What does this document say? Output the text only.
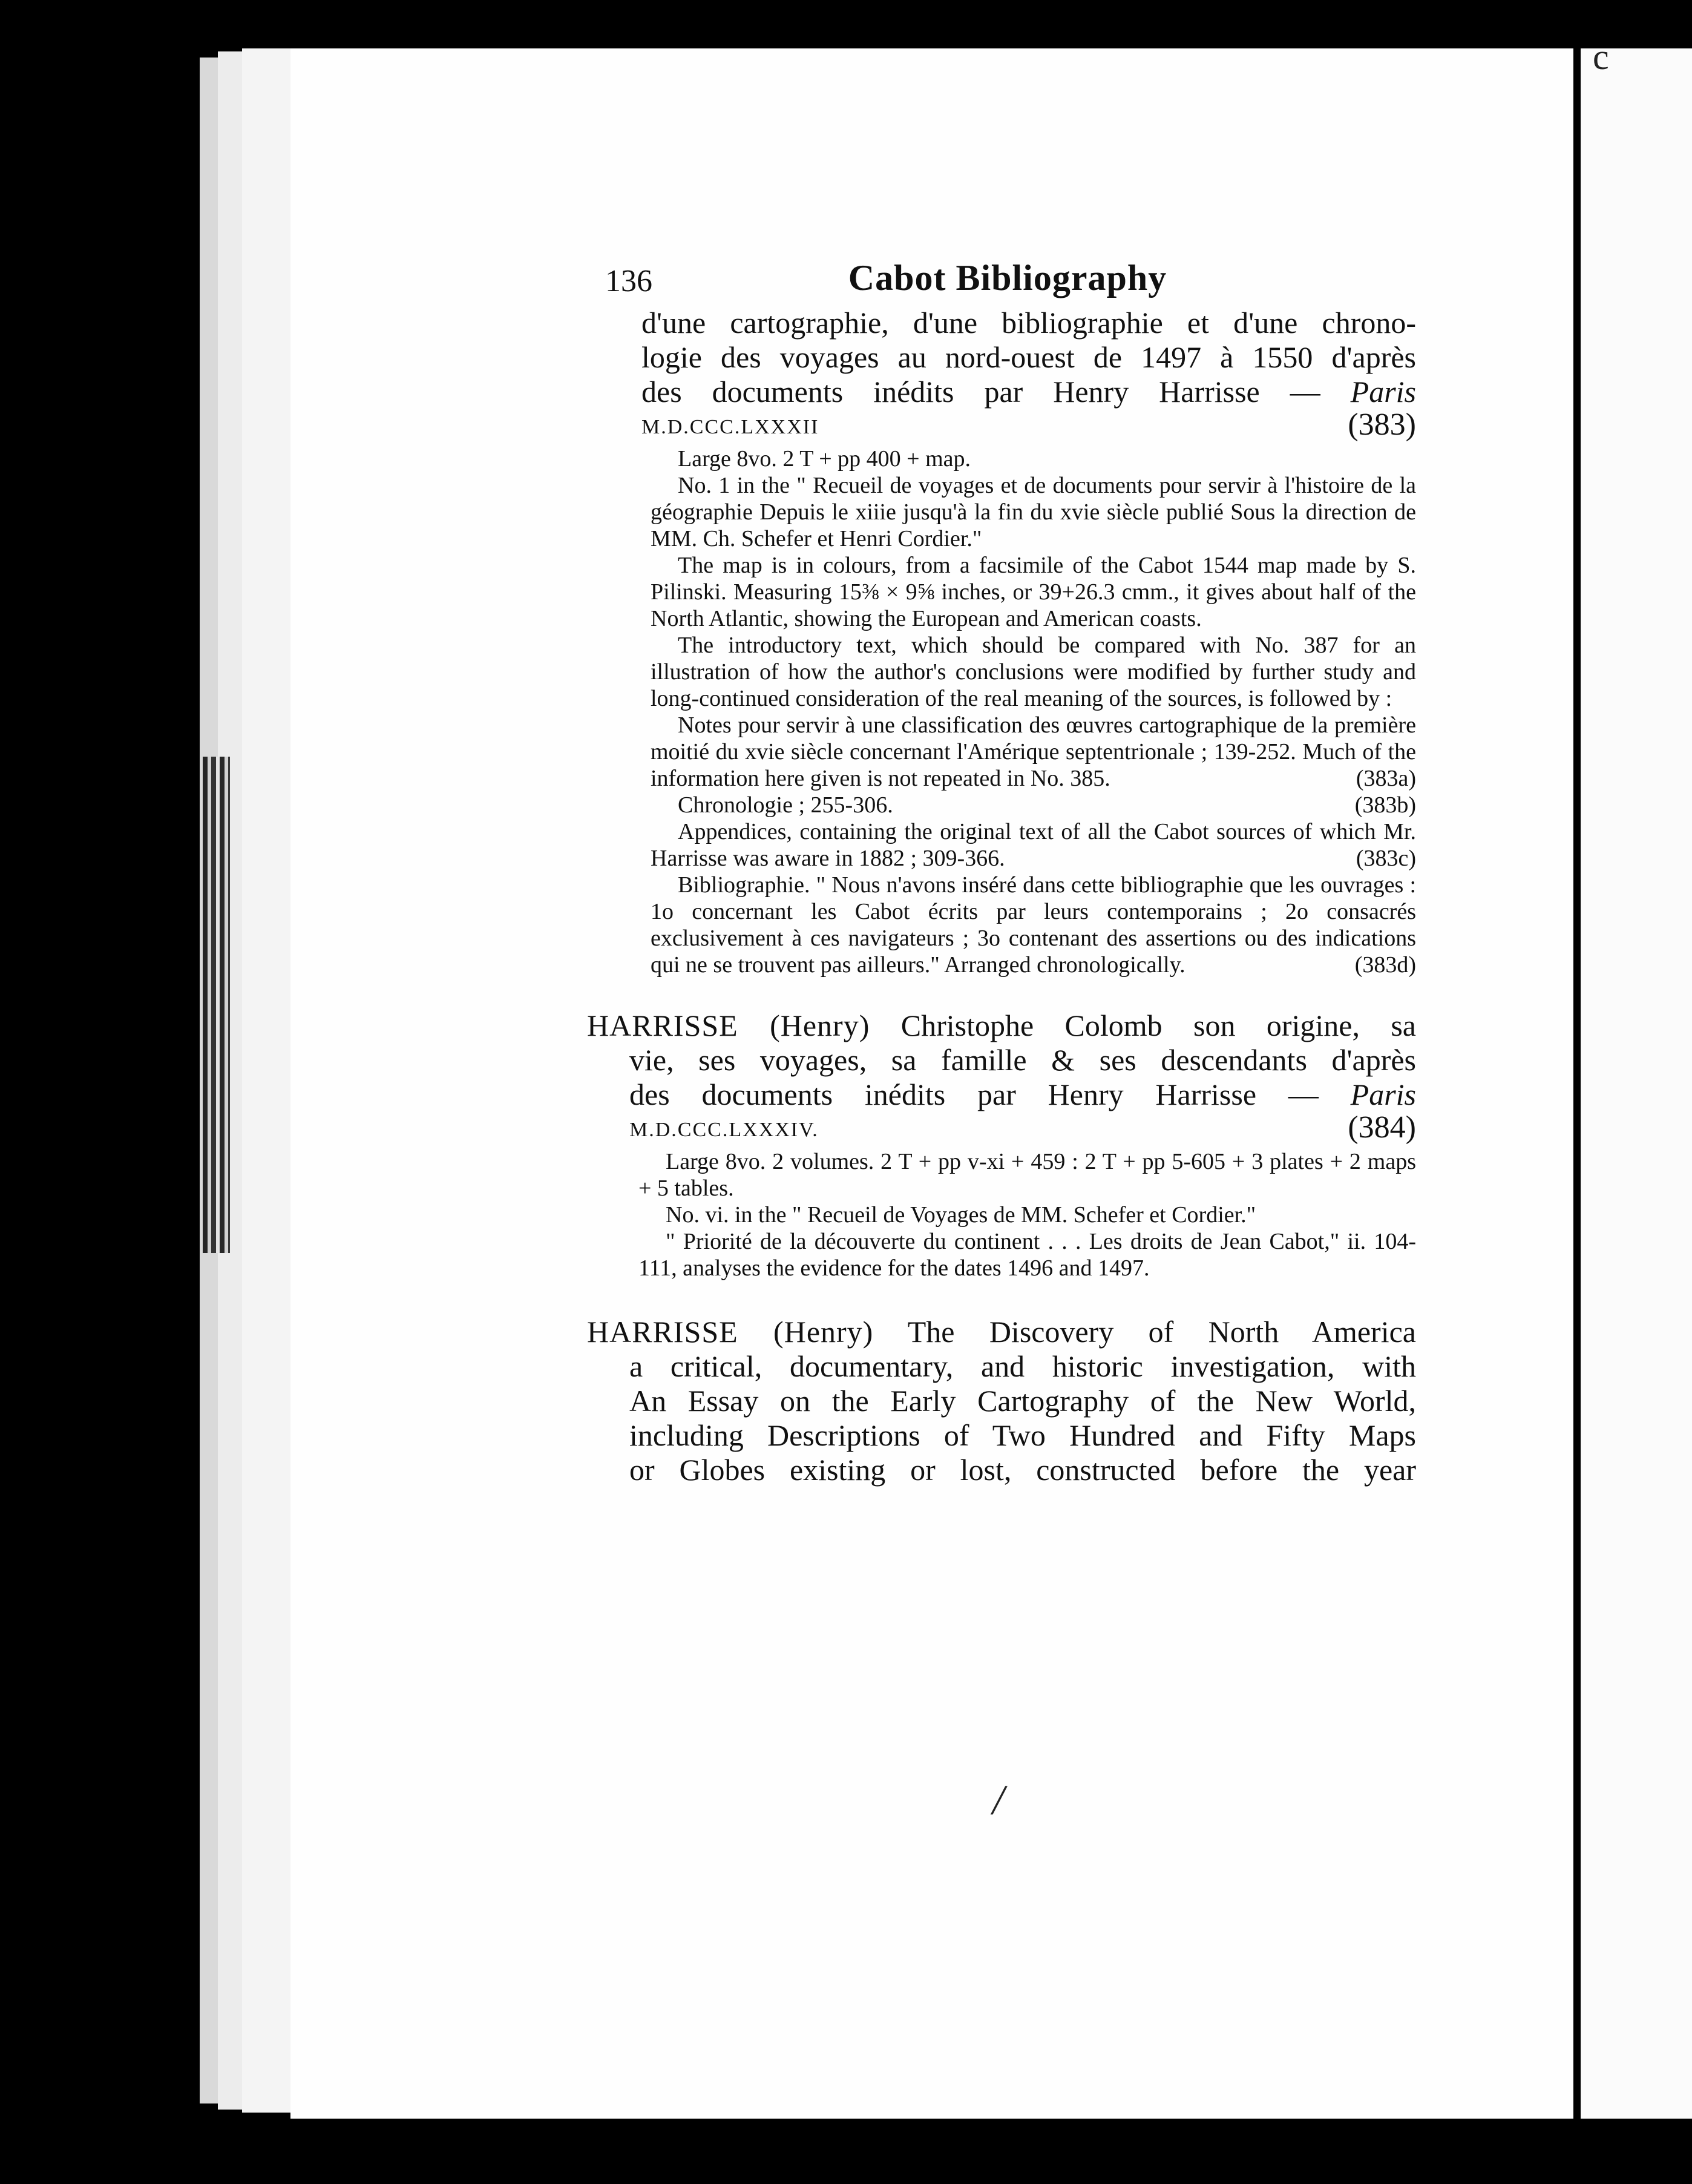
c
136	Cabot Bibliography
d'une cartographie, d'une bibliographie et d'une chrono-
logie des voyages au nord-ouest de 1497 à 1550 d'après
des documents inédits par Henry Harrisse — Paris
M.D.CCC.LXXXII	(383)

Large 8vo. 2 T + pp 400 + map.

No. 1 in the " Recueil de voyages et de documents pour servir à l'histoire de la géographie Depuis le xiiie jusqu'à la fin du xvie siècle publié Sous la direction de MM. Ch. Schefer et Henri Cordier."

The map is in colours, from a facsimile of the Cabot 1544 map made by S. Pilinski. Measuring 15⅜ × 9⅝ inches, or 39+26.3 cmm., it gives about half of the North Atlantic, showing the European and American coasts.

The introductory text, which should be compared with No. 387 for an illustration of how the author's conclusions were modified by further study and long-continued consideration of the real meaning of the sources, is followed by :

Notes pour servir à une classification des œuvres cartographique de la première moitié du xvie siècle concernant l'Amérique septentrionale ; 139-252. Much of the information here given is not repeated in No. 385.	(383a)

Chronologie ; 255-306.	(383b)

Appendices, containing the original text of all the Cabot sources of which Mr. Harrisse was aware in 1882 ; 309-366.	(383c)

Bibliographie. " Nous n'avons inséré dans cette bibliographie que les ouvrages : 1o concernant les Cabot écrits par leurs contemporains ; 2o consacrés exclusivement à ces navigateurs ; 3o contenant des assertions ou des indications qui ne se trouvent pas ailleurs." Arranged chronologically.	(383d)

HARRISSE (Henry) Christophe Colomb son origine, sa
vie, ses voyages, sa famille & ses descendants d'après
des documents inédits par Henry Harrisse — Paris
M.D.CCC.LXXXIV.	(384)

Large 8vo. 2 volumes. 2 T + pp v-xi + 459 : 2 T + pp 5-605 + 3 plates + 2 maps + 5 tables.

No. vi. in the " Recueil de Voyages de MM. Schefer et Cordier."

" Priorité de la découverte du continent . . . Les droits de Jean Cabot," ii. 104-111, analyses the evidence for the dates 1496 and 1497.

HARRISSE (Henry) The Discovery of North America
a critical, documentary, and historic investigation, with
An Essay on the Early Cartography of the New World,
including Descriptions of Two Hundred and Fifty Maps
or Globes existing or lost, constructed before the year
/
